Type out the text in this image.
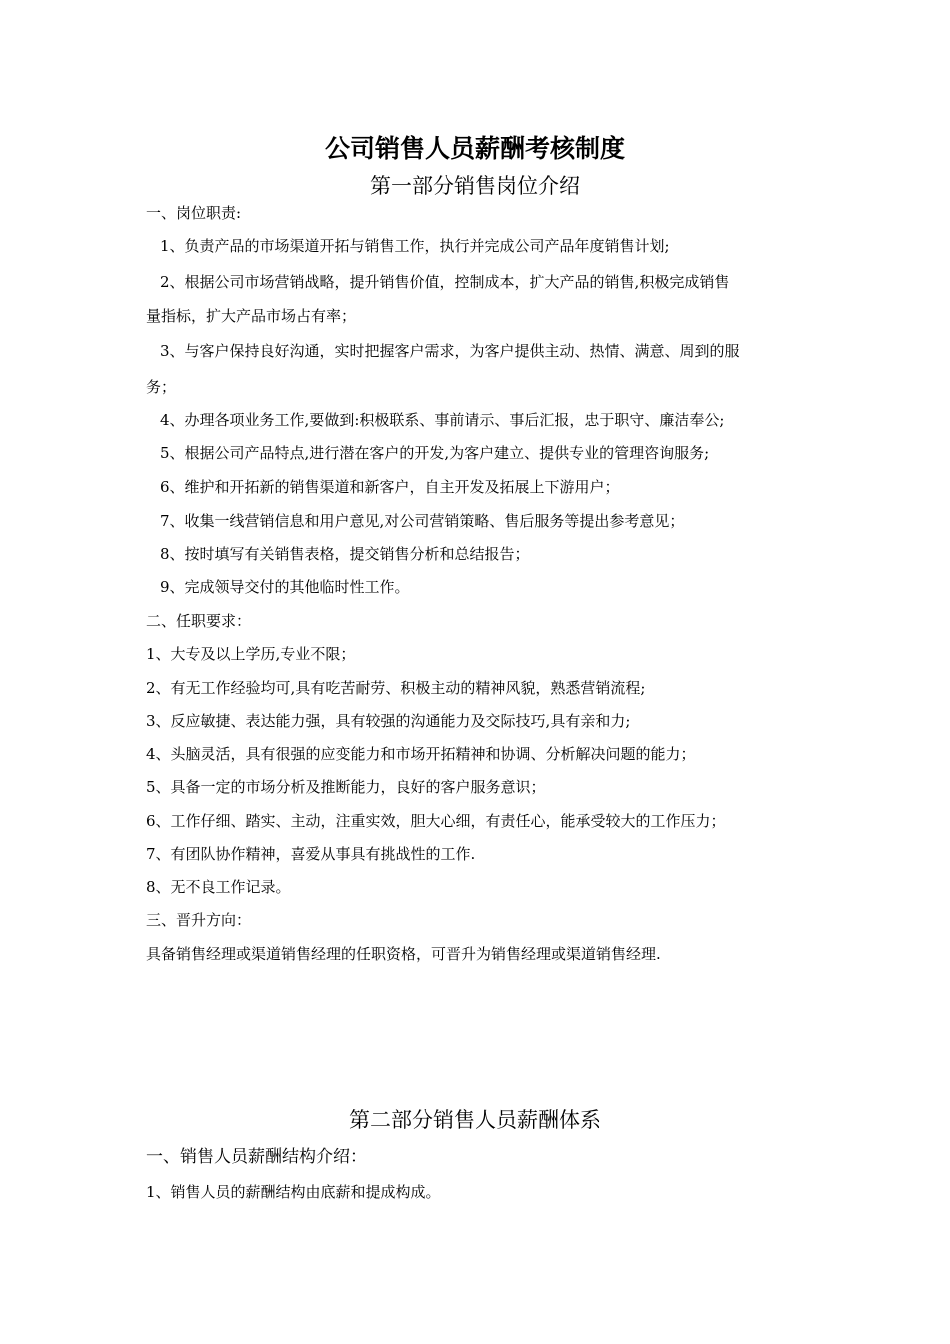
公司销售人员薪酬考核制度
第一部分销售岗位介绍
一、岗位职责:
1、负责产品的市场渠道开拓与销售工作，执行并完成公司产品年度销售计划;
2、根据公司市场营销战略，提升销售价值，控制成本，扩大产品的销售,积极完成销售
量指标，扩大产品市场占有率；
3、与客户保持良好沟通，实时把握客户需求，为客户提供主动、热情、满意、周到的服
务；
4、办理各项业务工作,要做到:积极联系、事前请示、事后汇报，忠于职守、廉洁奉公;
5、根据公司产品特点,进行潜在客户的开发,为客户建立、提供专业的管理咨询服务;
6、维护和开拓新的销售渠道和新客户，自主开发及拓展上下游用户；
7、收集一线营销信息和用户意见,对公司营销策略、售后服务等提出参考意见；
8、按时填写有关销售表格，提交销售分析和总结报告；
9、完成领导交付的其他临时性工作。
二、任职要求：
1、大专及以上学历,专业不限；
2、有无工作经验均可,具有吃苦耐劳、积极主动的精神风貌，熟悉营销流程;
3、反应敏捷、表达能力强，具有较强的沟通能力及交际技巧,具有亲和力;
4、头脑灵活，具有很强的应变能力和市场开拓精神和协调、分析解决问题的能力；
5、具备一定的市场分析及推断能力，良好的客户服务意识；
6、工作仔细、踏实、主动，注重实效，胆大心细，有责任心，能承受较大的工作压力；
7、有团队协作精神，喜爱从事具有挑战性的工作.
8、无不良工作记录。
三、晋升方向：
具备销售经理或渠道销售经理的任职资格，可晋升为销售经理或渠道销售经理.
第二部分销售人员薪酬体系
一、销售人员薪酬结构介绍：
1、销售人员的薪酬结构由底薪和提成构成。
